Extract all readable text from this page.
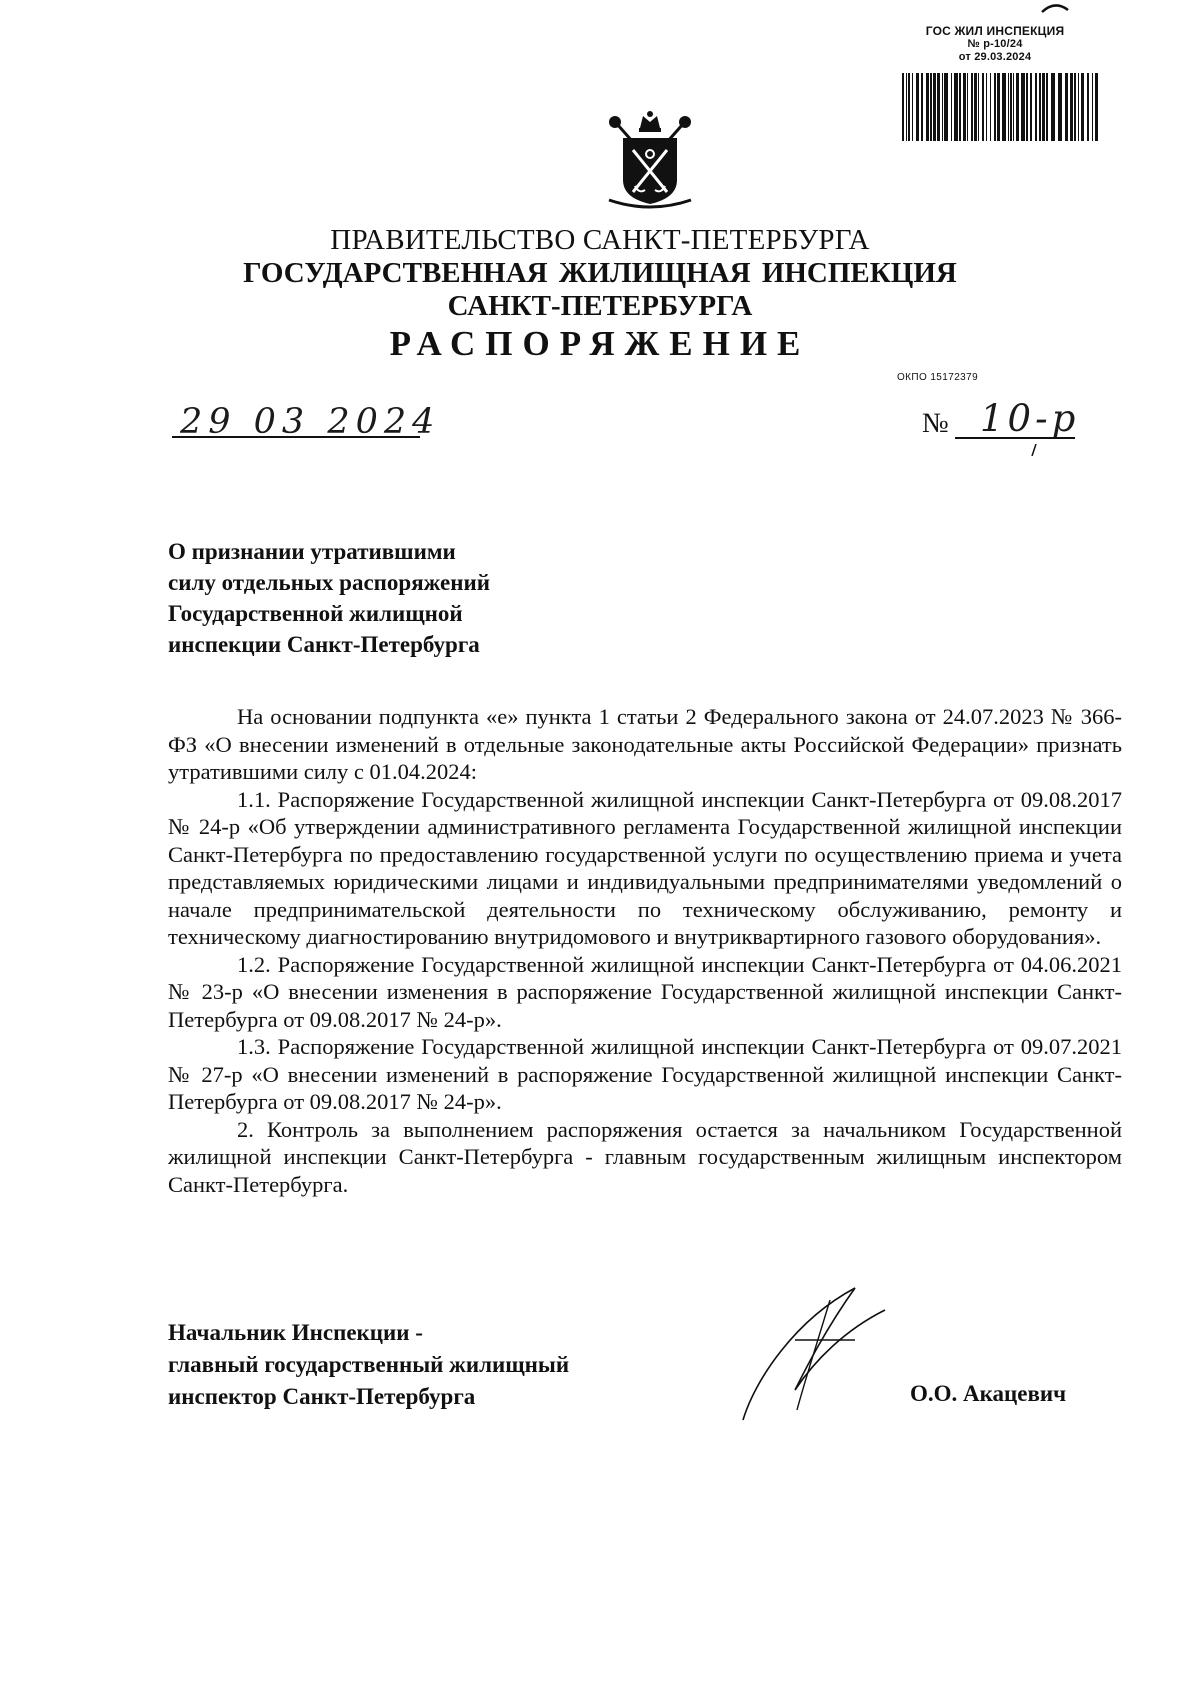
ГОС ЖИЛ ИНСПЕКЦИЯ
№ р-10/24
от 29.03.2024
ПРАВИТЕЛЬСТВО САНКТ-ПЕТЕРБУРГА
ГОСУДАРСТВЕННАЯ ЖИЛИЩНАЯ ИНСПЕКЦИЯ
САНКТ-ПЕТЕРБУРГА
РАСПОРЯЖЕНИЕ
ОКПО 15172379
29 03 2024	№ 10-р
О признании утратившими
силу отдельных распоряжений
Государственной жилищной
инспекции Санкт-Петербурга

На основании подпункта «е» пункта 1 статьи 2 Федерального закона от 24.07.2023 № 366-ФЗ «О внесении изменений в отдельные законодательные акты Российской Федерации» признать утратившими силу с 01.04.2024:

1.1. Распоряжение Государственной жилищной инспекции Санкт-Петербурга от 09.08.2017 № 24-р «Об утверждении административного регламента Государственной жилищной инспекции Санкт-Петербурга по предоставлению государственной услуги по осуществлению приема и учета представляемых юридическими лицами и индивидуальными предпринимателями уведомлений о начале предпринимательской деятельности по техническому обслуживанию, ремонту и техническому диагностированию внутридомового и внутриквартирного газового оборудования».

1.2. Распоряжение Государственной жилищной инспекции Санкт-Петербурга от 04.06.2021 № 23-р «О внесении изменения в распоряжение Государственной жилищной инспекции Санкт-Петербурга от 09.08.2017 № 24-р».

1.3. Распоряжение Государственной жилищной инспекции Санкт-Петербурга от 09.07.2021 № 27-р «О внесении изменений в распоряжение Государственной жилищной инспекции Санкт-Петербурга от 09.08.2017 № 24-р».

2. Контроль за выполнением распоряжения остается за начальником Государственной жилищной инспекции Санкт-Петербурга - главным государственным жилищным инспектором Санкт-Петербурга.

Начальник Инспекции -
главный государственный жилищный
инспектор Санкт-Петербурга	О.О. Акацевич
